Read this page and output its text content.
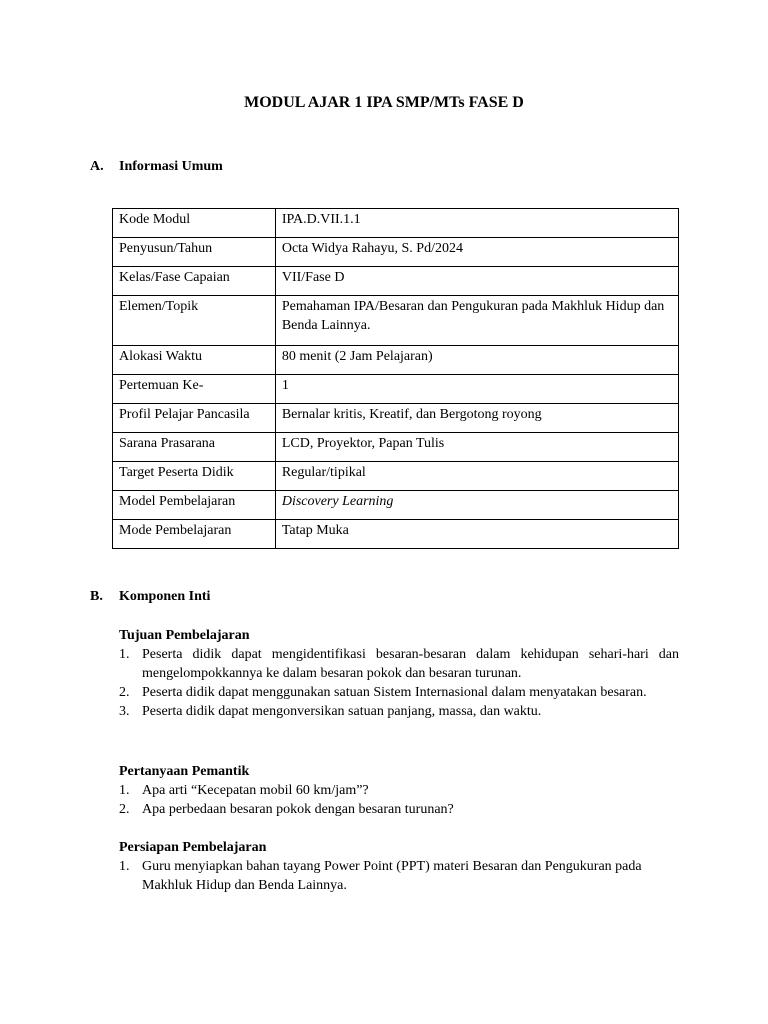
MODUL AJAR 1 IPA SMP/MTs FASE D
A. Informasi Umum
Kode Modul	IPA.D.VII.1.1
Penyusun/Tahun	Octa Widya Rahayu, S. Pd/2024
Kelas/Fase Capaian	VII/Fase D
Elemen/Topik	Pemahaman IPA/Besaran dan Pengukuran pada Makhluk Hidup dan Benda Lainnya.
Alokasi Waktu	80 menit (2 Jam Pelajaran)
Pertemuan Ke-	1
Profil Pelajar Pancasila	Bernalar kritis, Kreatif, dan Bergotong royong
Sarana Prasarana	LCD, Proyektor, Papan Tulis
Target Peserta Didik	Regular/tipikal
Model Pembelajaran	Discovery Learning
Mode Pembelajaran	Tatap Muka
B. Komponen Inti
Tujuan Pembelajaran
1. Peserta didik dapat mengidentifikasi besaran-besaran dalam kehidupan sehari-hari dan mengelompokkannya ke dalam besaran pokok dan besaran turunan.
2. Peserta didik dapat menggunakan satuan Sistem Internasional dalam menyatakan besaran.
3. Peserta didik dapat mengonversikan satuan panjang, massa, dan waktu.
Pertanyaan Pemantik
1. Apa arti “Kecepatan mobil 60 km/jam”?
2. Apa perbedaan besaran pokok dengan besaran turunan?
Persiapan Pembelajaran
1. Guru menyiapkan bahan tayang Power Point (PPT) materi Besaran dan Pengukuran pada Makhluk Hidup dan Benda Lainnya.
